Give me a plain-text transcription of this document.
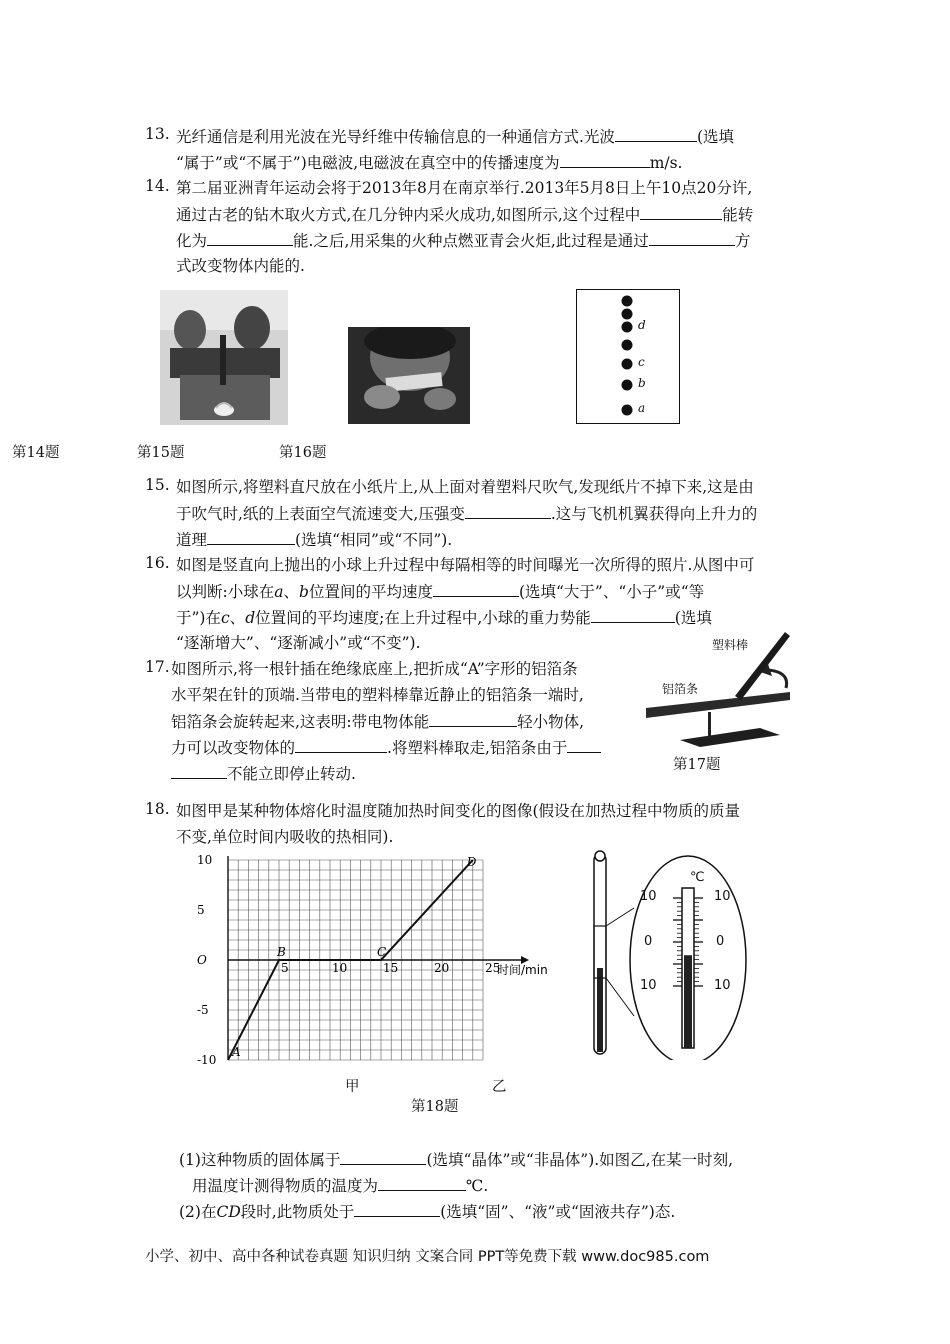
13. 光纤通信是利用光波在光导纤维中传输信息的一种通信方式.光波	(选填
“属于”或“不属于”)电磁波,电磁波在真空中的传播速度为	m/s.
14. 第二届亚洲青年运动会将于2013年8月在南京举行.2013年5月8日上午10点20分许,
通过古老的钻木取火方式,在几分钟内采火成功,如图所示,这个过程中	能转
化为	能.之后,用采集的火种点燃亚青会火炬,此过程是通过	方
式改变物体内能的.
d
c
b
a
第14题	第15题	第16题
15. 如图所示,将塑料直尺放在小纸片上,从上面对着塑料尺吹气,发现纸片不掉下来,这是由
于吹气时,纸的上表面空气流速变大,压强变	.这与飞机机翼获得向上升力的
道理	(选填“相同”或“不同”).
16. 如图是竖直向上抛出的小球上升过程中每隔相等的时间曝光一次所得的照片.从图中可
以判断:小球在a、b位置间的平均速度	(选填“大于”、“小子”或“等
于”)在c、d位置间的平均速度;在上升过程中,小球的重力势能	(选填
“逐渐增大”、“逐渐减小”或“不变”).
17. 如图所示,将一根针插在绝缘底座上,把折成“A”字形的铝箔条
水平架在针的顶端.当带电的塑料棒靠近静止的铝箔条一端时,
铝箔条会旋转起来,这表明:带电物体能	轻小物体,
力可以改变物体的	.将塑料棒取走,铝箔条由于
不能立即停止转动.
塑料棒
铝箔条
第17题
18. 如图甲是某种物体熔化时温度随加热时间变化的图像(假设在加热过程中物质的质量
不变,单位时间内吸收的热相同).
5	10	15	20	25
10
5
O
-5
-10
时间/min
A
B	C
D
甲	乙
第18题
℃
10	10
0	0
10	10
(1)这种物质的固体属于	(选填“晶体”或“非晶体”).如图乙,在某一时刻,
用温度计测得物质的温度为	℃.
(2)在CD段时,此物质处于	(选填“固”、“液”或“固液共存”)态.
小学、初中、高中各种试卷真题 知识归纳 文案合同 PPT等免费下载 www.doc985.com
